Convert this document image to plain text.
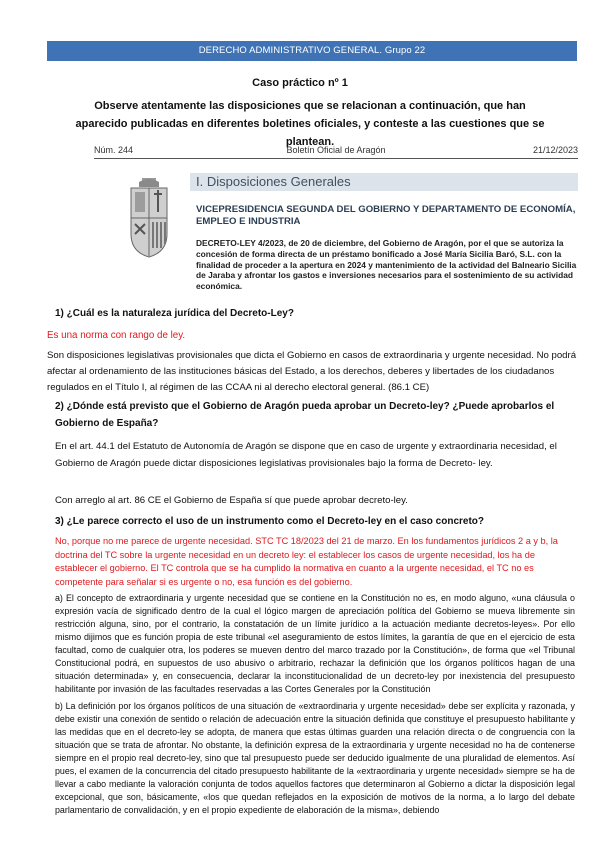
DERECHO ADMINISTRATIVO GENERAL. Grupo 22
Caso práctico nº 1
Observe atentamente las disposiciones que se relacionan a continuación, que han aparecido publicadas en diferentes boletines oficiales, y conteste a las cuestiones que se plantean.
Núm. 244	Boletín Oficial de Aragón	21/12/2023
I. Disposiciones Generales
VICEPRESIDENCIA SEGUNDA DEL GOBIERNO Y DEPARTAMENTO DE ECONOMÍA, EMPLEO E INDUSTRIA
DECRETO-LEY 4/2023, de 20 de diciembre, del Gobierno de Aragón, por el que se autoriza la concesión de forma directa de un préstamo bonificado a José María Sicilia Baró, S.L. con la finalidad de proceder a la apertura en 2024 y mantenimiento de la actividad del Balneario Sicilia de Jaraba y afrontar los gastos e inversiones necesarios para el sostenimiento de su actividad económica.
1) ¿Cuál es la naturaleza jurídica del Decreto-Ley?
Es una norma con rango de ley.
Son disposiciones legislativas provisionales que dicta el Gobierno en casos de extraordinaria y urgente necesidad. No podrá afectar al ordenamiento de las instituciones básicas del Estado, a los derechos, deberes y libertades de los ciudadanos regulados en el Título I, al régimen de las CCAA ni al derecho electoral general. (86.1 CE)
2) ¿Dónde está previsto que el Gobierno de Aragón pueda aprobar un Decreto-ley? ¿Puede aprobarlos el Gobierno de España?
En el art. 44.1 del Estatuto de Autonomía de Aragón se dispone que en caso de urgente y extraordinaria necesidad, el Gobierno de Aragón puede dictar disposiciones legislativas provisionales bajo la forma de Decreto- ley.
Con arreglo al art. 86 CE el Gobierno de España sí que puede aprobar decreto-ley.
3) ¿Le parece correcto el uso de un instrumento como el Decreto-ley en el caso concreto?
No, porque no me parece de urgente necesidad. STC TC 18/2023 del 21 de marzo. En los fundamentos jurídicos 2 a y b, la doctrina del TC sobre la urgente necesidad en un decreto ley: el establecer los casos de urgente necesidad, los ha de establecer el gobierno. El TC controla que se ha cumplido la normativa en cuanto a la urgente necesidad, el TC no es competente para señalar si es urgente o no, esa función es del gobierno.
a) El concepto de extraordinaria y urgente necesidad que se contiene en la Constitución no es, en modo alguno, «una cláusula o expresión vacía de significado dentro de la cual el lógico margen de apreciación política del Gobierno se mueva libremente sin restricción alguna, sino, por el contrario, la constatación de un límite jurídico a la actuación mediante decretos-leyes». Por ello mismo dijimos que es función propia de este tribunal «el aseguramiento de estos límites, la garantía de que en el ejercicio de esta facultad, como de cualquier otra, los poderes se mueven dentro del marco trazado por la Constitución», de forma que «el Tribunal Constitucional podrá, en supuestos de uso abusivo o arbitrario, rechazar la definición que los órganos políticos hagan de una situación determinada» y, en consecuencia, declarar la inconstitucionalidad de un decreto-ley por inexistencia del presupuesto habilitante por invasión de las facultades reservadas a las Cortes Generales por la Constitución
b) La definición por los órganos políticos de una situación de «extraordinaria y urgente necesidad» debe ser explícita y razonada, y debe existir una conexión de sentido o relación de adecuación entre la situación definida que constituye el presupuesto habilitante y las medidas que en el decreto-ley se adopta, de manera que estas últimas guarden una relación directa o de congruencia con la situación que se trata de afrontar. No obstante, la definición expresa de la extraordinaria y urgente necesidad no ha de contenerse siempre en el propio real decreto-ley, sino que tal presupuesto puede ser deducido igualmente de una pluralidad de elementos. Así pues, el examen de la concurrencia del citado presupuesto habilitante de la «extraordinaria y urgente necesidad» siempre se ha de llevar a cabo mediante la valoración conjunta de todos aquellos factores que determinaron al Gobierno a dictar la disposición legal excepcional, que son, básicamente, «los que quedan reflejados en la exposición de motivos de la norma, a lo largo del debate parlamentario de convalidación, y en el propio expediente de elaboración de la misma», debiendo
